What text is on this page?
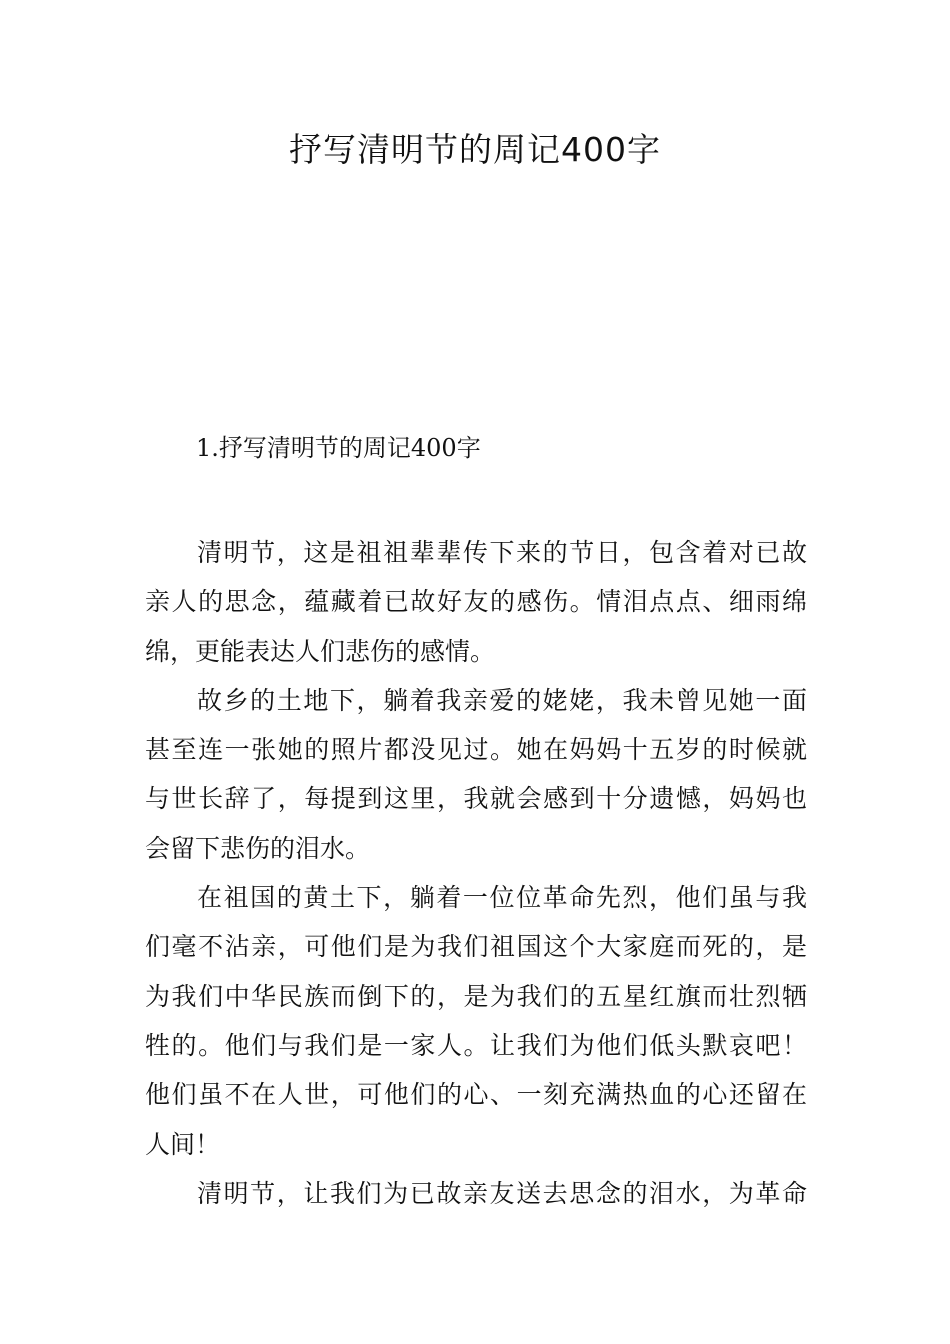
抒写清明节的周记400字
1.抒写清明节的周记400字
清明节，这是祖祖辈辈传下来的节日，包含着对已故
亲人的思念，蕴藏着已故好友的感伤。情泪点点、细雨绵
绵，更能表达人们悲伤的感情。
故乡的土地下，躺着我亲爱的姥姥，我未曾见她一面
甚至连一张她的照片都没见过。她在妈妈十五岁的时候就
与世长辞了，每提到这里，我就会感到十分遗憾，妈妈也
会留下悲伤的泪水。
在祖国的黄土下，躺着一位位革命先烈，他们虽与我
们毫不沾亲，可他们是为我们祖国这个大家庭而死的，是
为我们中华民族而倒下的，是为我们的五星红旗而壮烈牺
牲的。他们与我们是一家人。让我们为他们低头默哀吧！
他们虽不在人世，可他们的心、一刻充满热血的心还留在
人间！
清明节，让我们为已故亲友送去思念的泪水，为革命
